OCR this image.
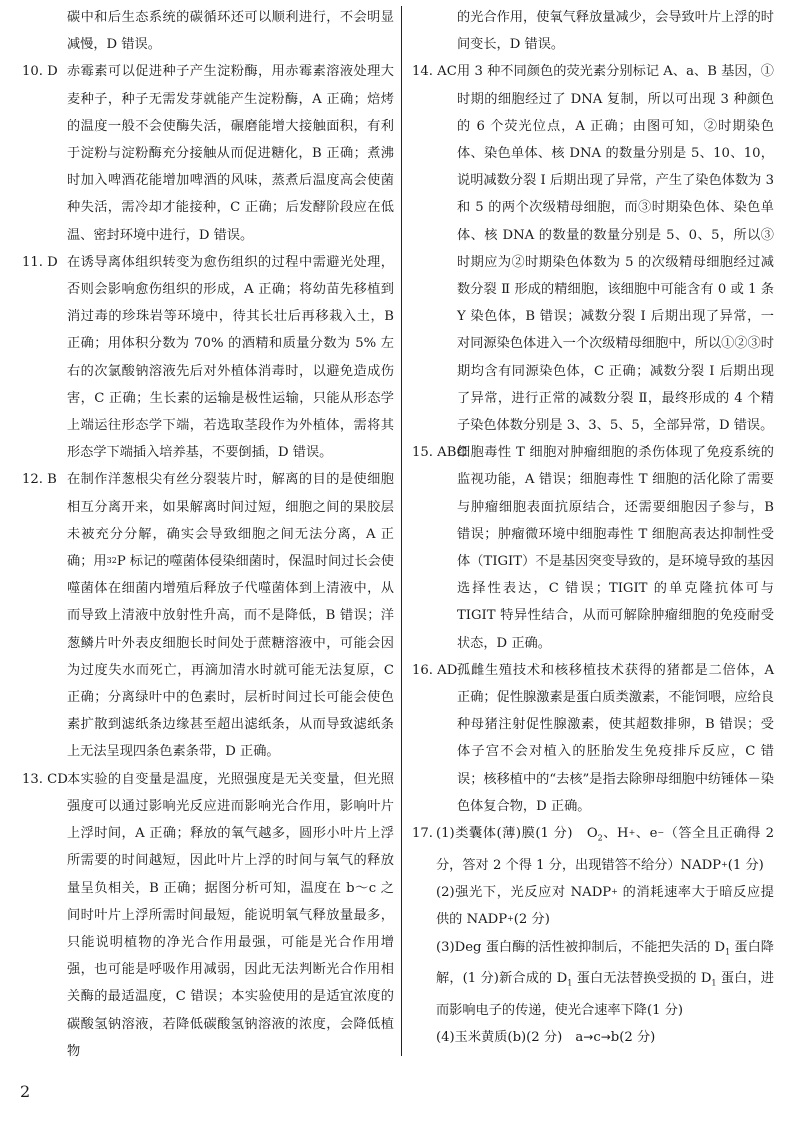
碳中和后生态系统的碳循环还可以顺利进行，不会明显减慢，D 错误。

10. D 赤霉素可以促进种子产生淀粉酶，用赤霉素溶液处理大麦种子，种子无需发芽就能产生淀粉酶，A 正确；焙烤的温度一般不会使酶失活，碾磨能增大接触面积，有利于淀粉与淀粉酶充分接触从而促进糖化，B 正确；煮沸时加入啤酒花能增加啤酒的风味，蒸煮后温度高会使菌种失活，需冷却才能接种，C 正确；后发酵阶段应在低温、密封环境中进行，D 错误。

11. D 在诱导离体组织转变为愈伤组织的过程中需避光处理，否则会影响愈伤组织的形成，A 正确；将幼苗先移植到消过毒的珍珠岩等环境中，待其长壮后再移栽入土，B 正确；用体积分数为 70% 的酒精和质量分数为 5% 左右的次氯酸钠溶液先后对外植体消毒时，以避免造成伤害，C 正确；生长素的运输是极性运输，只能从形态学上端运往形态学下端，若选取茎段作为外植体，需将其形态学下端插入培养基，不要倒插，D 错误。

12. B 在制作洋葱根尖有丝分裂装片时，解离的目的是使细胞相互分离开来，如果解离时间过短，细胞之间的果胶层未被充分分解，确实会导致细胞之间无法分离，A 正确；用$^{32}$P 标记的噬菌体侵染细菌时，保温时间过长会使噬菌体在细菌内增殖后释放子代噬菌体到上清液中，从而导致上清液中放射性升高，而不是降低，B 错误；洋葱鳞片叶外表皮细胞长时间处于蔗糖溶液中，可能会因为过度失水而死亡，再滴加清水时就可能无法复原，C 正确；分离绿叶中的色素时，层析时间过长可能会使色素扩散到滤纸条边缘甚至超出滤纸条，从而导致滤纸条上无法呈现四条色素条带，D 正确。

13. CD 本实验的自变量是温度，光照强度是无关变量，但光照强度可以通过影响光反应进而影响光合作用，影响叶片上浮时间，A 正确；释放的氧气越多，圆形小叶片上浮所需要的时间越短，因此叶片上浮的时间与氧气的释放量呈负相关，B 正确；据图分析可知，温度在 b～c 之间时叶片上浮所需时间最短，能说明氧气释放量最多，只能说明植物的净光合作用最强，可能是光合作用增强，也可能是呼吸作用减弱，因此无法判断光合作用相关酶的最适温度，C 错误；本实验使用的是适宜浓度的碳酸氢钠溶液，若降低碳酸氢钠溶液的浓度，会降低植物

的光合作用，使氧气释放量减少，会导致叶片上浮的时间变长，D 错误。

14. AC 用 3 种不同颜色的荧光素分别标记 A、a、B 基因，①时期的细胞经过了 DNA 复制，所以可出现 3 种颜色的 6 个荧光位点，A 正确；由图可知，②时期染色体、染色单体、核 DNA 的数量分别是 5、10、10，说明减数分裂 Ⅰ 后期出现了异常，产生了染色体数为 3 和 5 的两个次级精母细胞，而③时期染色体、染色单体、核 DNA 的数量的数量分别是 5、0、5，所以③时期应为②时期染色体数为 5 的次级精母细胞经过减数分裂 Ⅱ 形成的精细胞，该细胞中可能含有 0 或 1 条 Y 染色体，B 错误；减数分裂 Ⅰ 后期出现了异常，一对同源染色体进入一个次级精母细胞中，所以①②③时期均含有同源染色体，C 正确；减数分裂 Ⅰ 后期出现了异常，进行正常的减数分裂 Ⅱ，最终形成的 4 个精子染色体数分别是 3、3、5、5，全部异常，D 错误。

15. ABC

细胞毒性 T 细胞对肿瘤细胞的杀伤体现了免疫系统的监视功能，A 错误；细胞毒性 T 细胞的活化除了需要与肿瘤细胞表面抗原结合，还需要细胞因子参与，B 错误；肿瘤微环境中细胞毒性 T 细胞高表达抑制性受体（TIGIT）不是基因突变导致的，是环境导致的基因选择性表达，C 错误；TIGIT 的单克隆抗体可与 TIGIT 特异性结合，从而可解除肿瘤细胞的免疫耐受状态，D 正确。

16. AD 孤雌生殖技术和核移植技术获得的猪都是二倍体，A 正确；促性腺激素是蛋白质类激素，不能饲喂，应给良种母猪注射促性腺激素，使其超数排卵，B 错误；受体子宫不会对植入的胚胎发生免疫排斥反应，C 错误；核移植中的“去核”是指去除卵母细胞中纺锤体－染色体复合物，D 正确。

17. (1)类囊体(薄)膜(1 分)　$O_2$、H+、e−（答全且正确得 2 分，答对 2 个得 1 分，出现错答不给分）NADP+(1 分)

(2)强光下，光反应对 NADP+ 的消耗速率大于暗反应提供的 NADP+(2 分)

(3)Deg 蛋白酶的活性被抑制后，不能把失活的 $D_1$ 蛋白降解，(1 分)新合成的 $D_1$ 蛋白无法替换受损的 $D_1$ 蛋白，进而影响电子的传递，使光合速率下降(1 分)

(4)玉米黄质(b)(2 分)　a→c→b(2 分)

2
